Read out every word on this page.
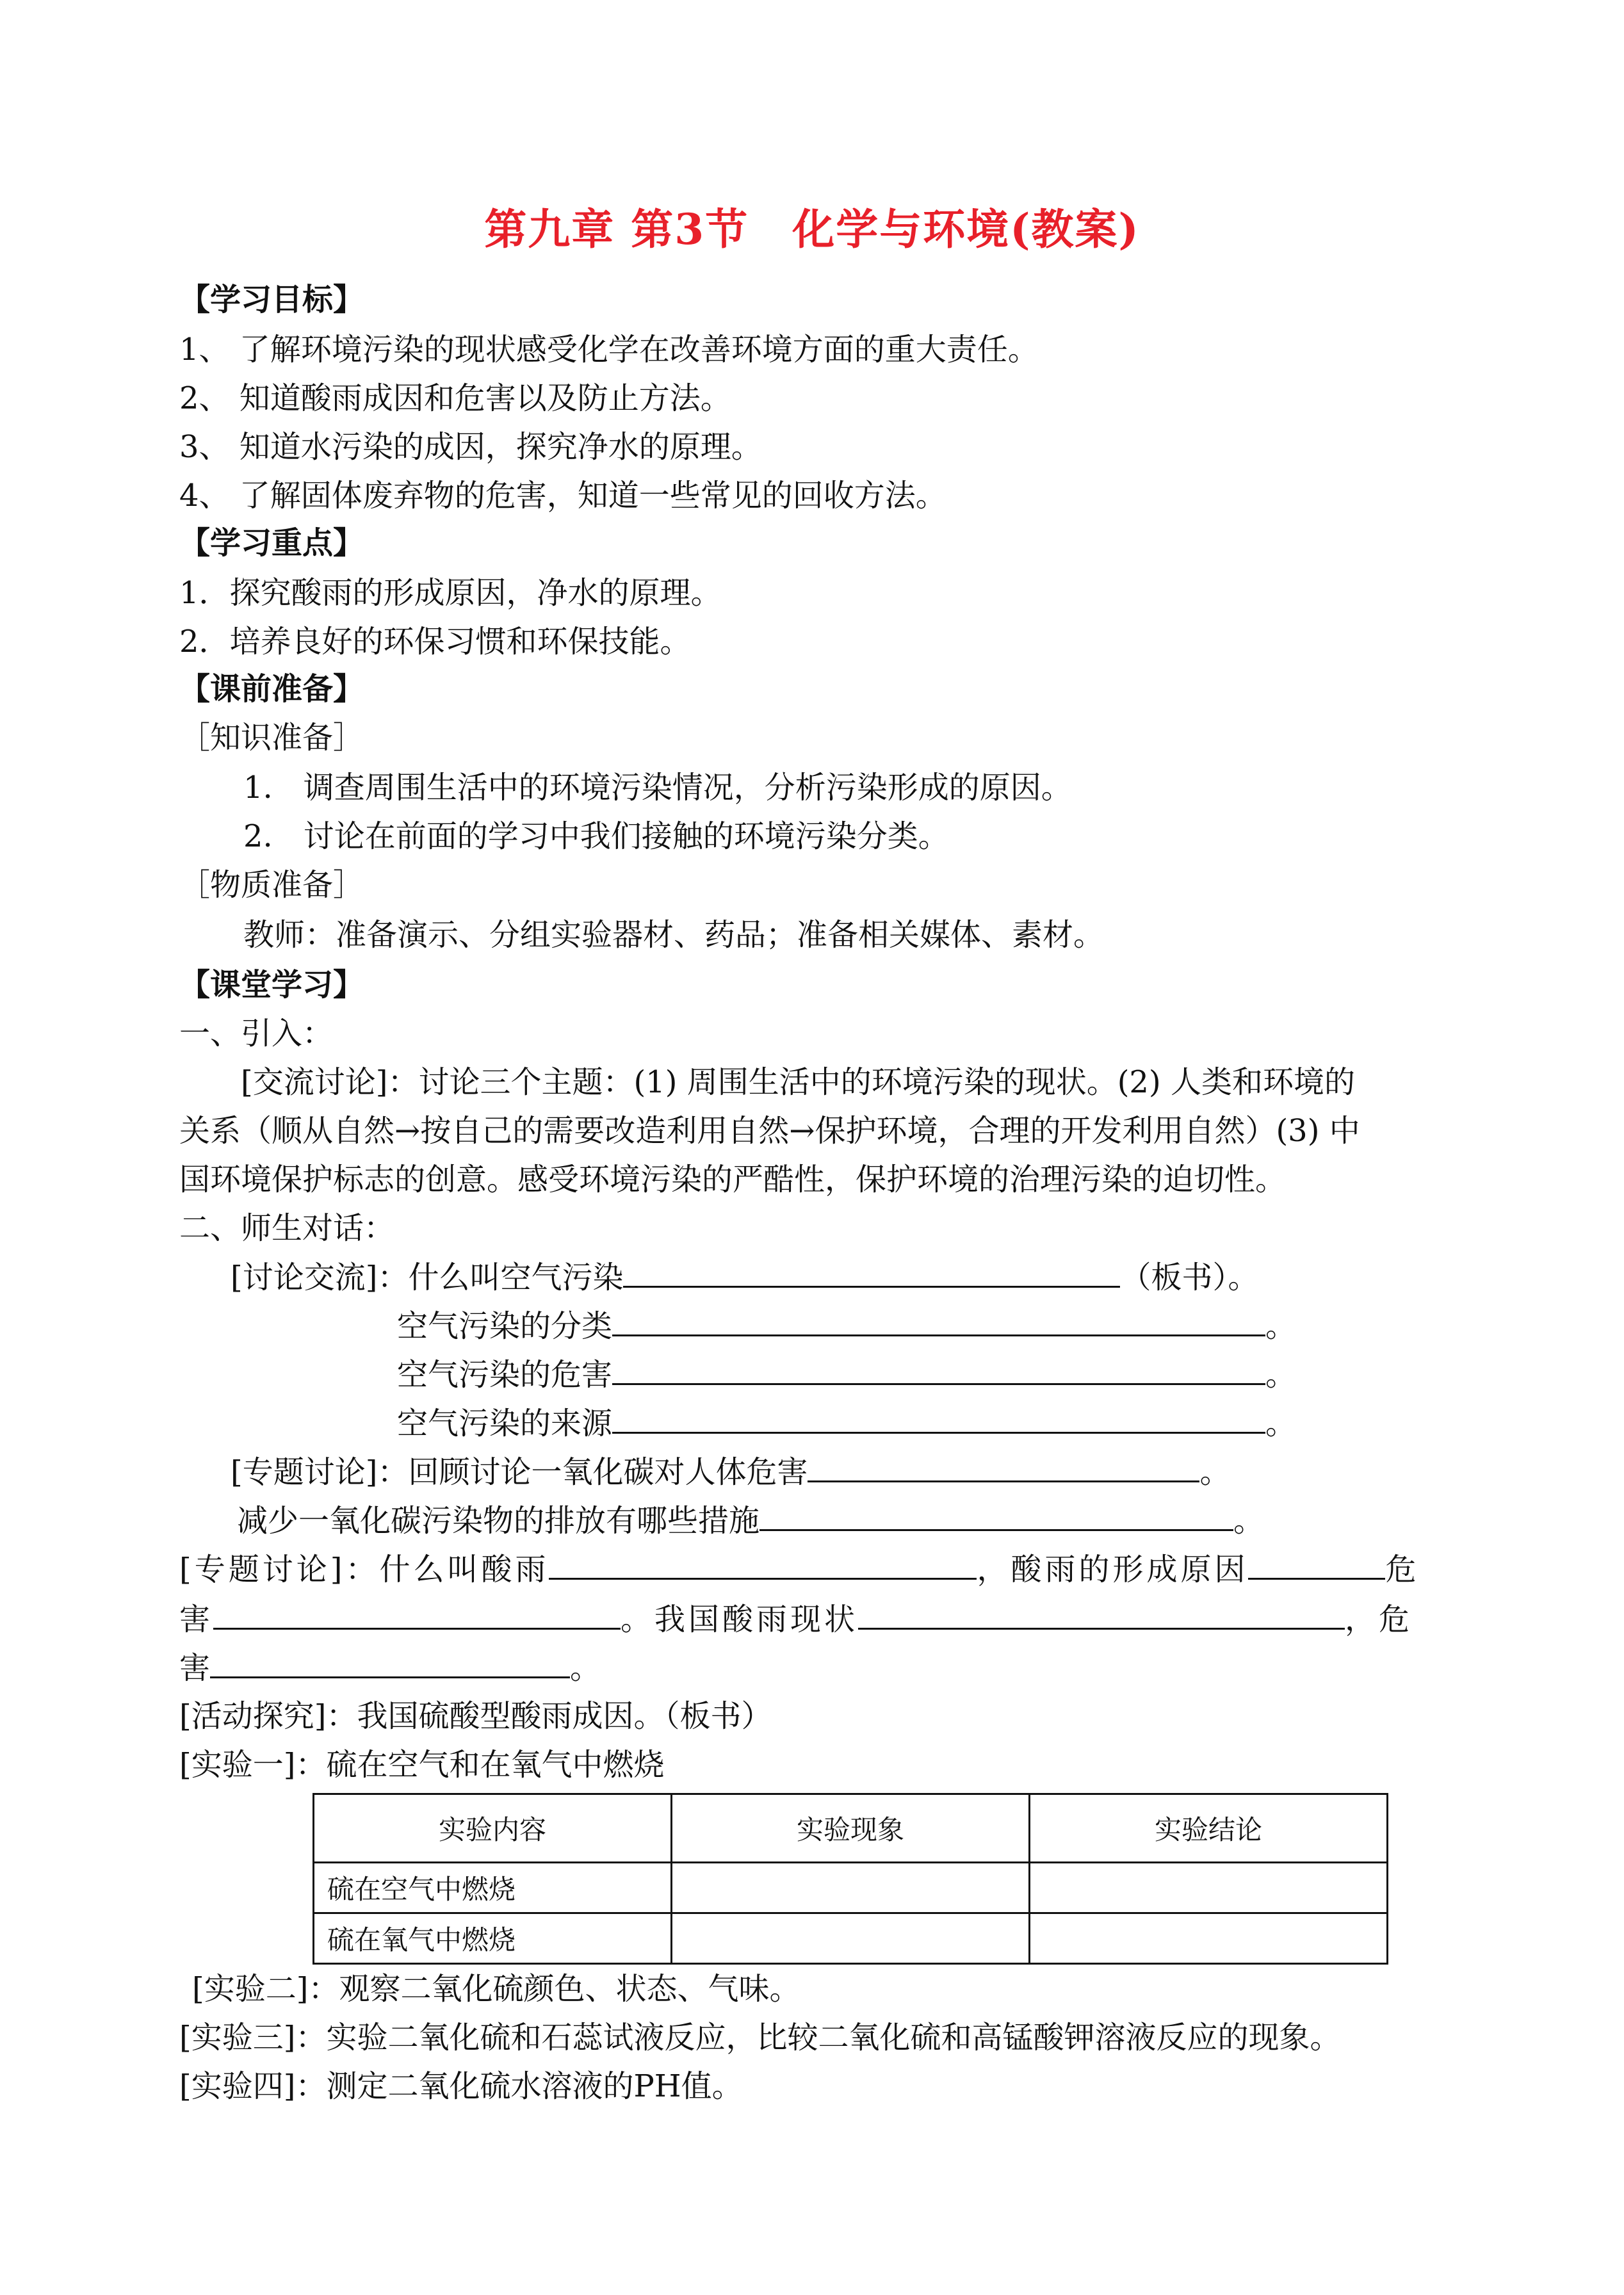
第九章 第3节　化学与环境(教案)
【学习目标】
1、 了解环境污染的现状感受化学在改善环境方面的重大责任。
2、 知道酸雨成因和危害以及防止方法。
3、 知道水污染的成因，探究净水的原理。
4、 了解固体废弃物的危害，知道一些常见的回收方法。
【学习重点】
1．探究酸雨的形成原因，净水的原理。
2．培养良好的环保习惯和环保技能。
【课前准备】
［知识准备］
1.　调查周围生活中的环境污染情况，分析污染形成的原因。
2.　讨论在前面的学习中我们接触的环境污染分类。
［物质准备］
教师：准备演示、分组实验器材、药品；准备相关媒体、素材。
【课堂学习】
一、引入：
[交流讨论]：讨论三个主题：(1) 周围生活中的环境污染的现状。(2) 人类和环境的
关系（顺从自然→按自己的需要改造利用自然→保护环境，合理的开发利用自然）(3) 中
国环境保护标志的创意。感受环境污染的严酷性，保护环境的治理污染的迫切性。
二、师生对话：
[讨论交流]：什么叫空气污染	（板书）。
空气污染的分类	。
空气污染的危害	。
空气污染的来源	。
[专题讨论]：回顾讨论一氧化碳对人体危害	。
减少一氧化碳污染物的排放有哪些措施	。
[专题讨论]：什么叫酸雨	，酸雨的形成原因	危
害	。我国酸雨现状	，危
害	。
[活动探究]：我国硫酸型酸雨成因。（板书）
[实验一]：硫在空气和在氧气中燃烧
实验内容	实验现象	实验结论
硫在空气中燃烧		
硫在氧气中燃烧		
[实验二]：观察二氧化硫颜色、状态、气味。
[实验三]：实验二氧化硫和石蕊试液反应，比较二氧化硫和高锰酸钾溶液反应的现象。
[实验四]：测定二氧化硫水溶液的PH值。
